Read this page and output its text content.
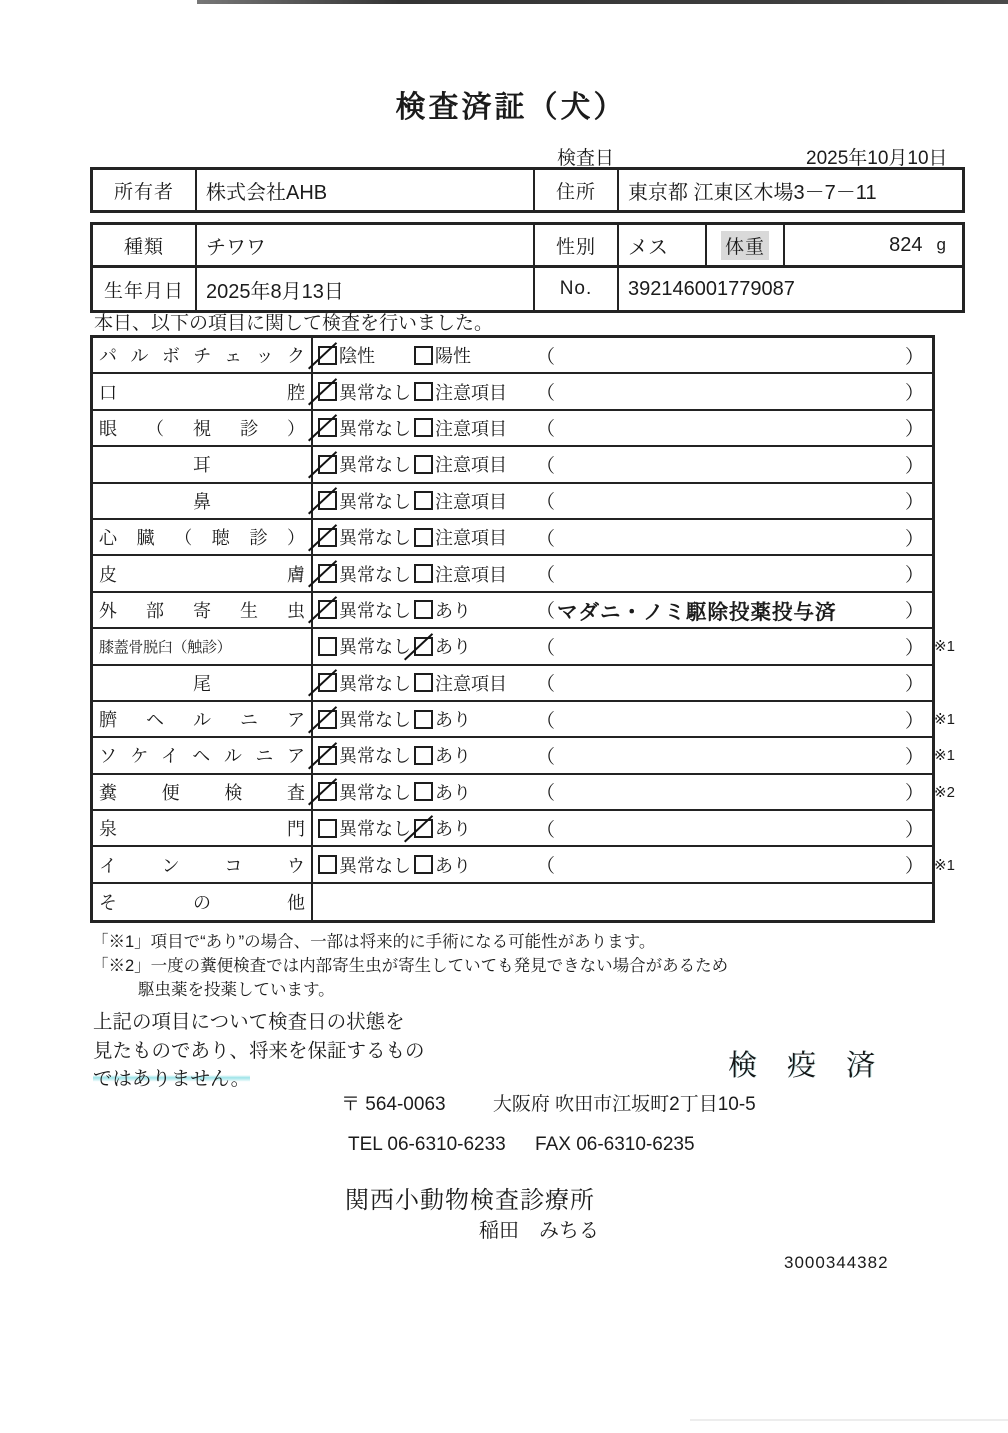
検査済証（犬）
検査日	2025年10月10日
所有者	株式会社AHB	住所	東京都 江東区木場3－7－11
種類	チワワ	性別	メス	体重	824 g
生年月日	2025年8月13日	No.	392146001779087
本日、以下の項目に関して検査を行いました。
パルボチェック 陰性	陽性	（	）
口腔 異常なし 注意項目 （	）
眼（視診） 異常なし 注意項目 （	）
耳	異常なし 注意項目 （	）
鼻	異常なし 注意項目 （	）
心臓（聴診） 異常なし 注意項目 （	）
皮膚 異常なし 注意項目 （	）
外部寄生虫 異常なし あり	（ マダニ・ノミ駆除投薬投与済	）
膝蓋骨脱臼（触診）	異常なし あり	（	） ※1
尾	異常なし 注意項目 （	）
臍ヘルニア 異常なし あり	（	） ※1
ソケイヘルニア 異常なし あり	（	） ※1
糞便検査 異常なし あり	（	） ※2
泉門 異常なし あり	（	）
インコウ 異常なし あり	（	） ※1
その他
「※1」項目で“あり”の場合、一部は将来的に手術になる可能性があります。
「※2」一度の糞便検査では内部寄生虫が寄生していても発見できない場合があるため
駆虫薬を投薬しています。
上記の項目について検査日の状態を
見たものであり、将来を保証するもの
ではありません。	検 疫 済
〒 564-0063 大阪府 吹田市江坂町2丁目10-5
TEL 06-6310-6233 FAX 06-6310-6235
関西小動物検査診療所
稲田　みちる
3000344382
